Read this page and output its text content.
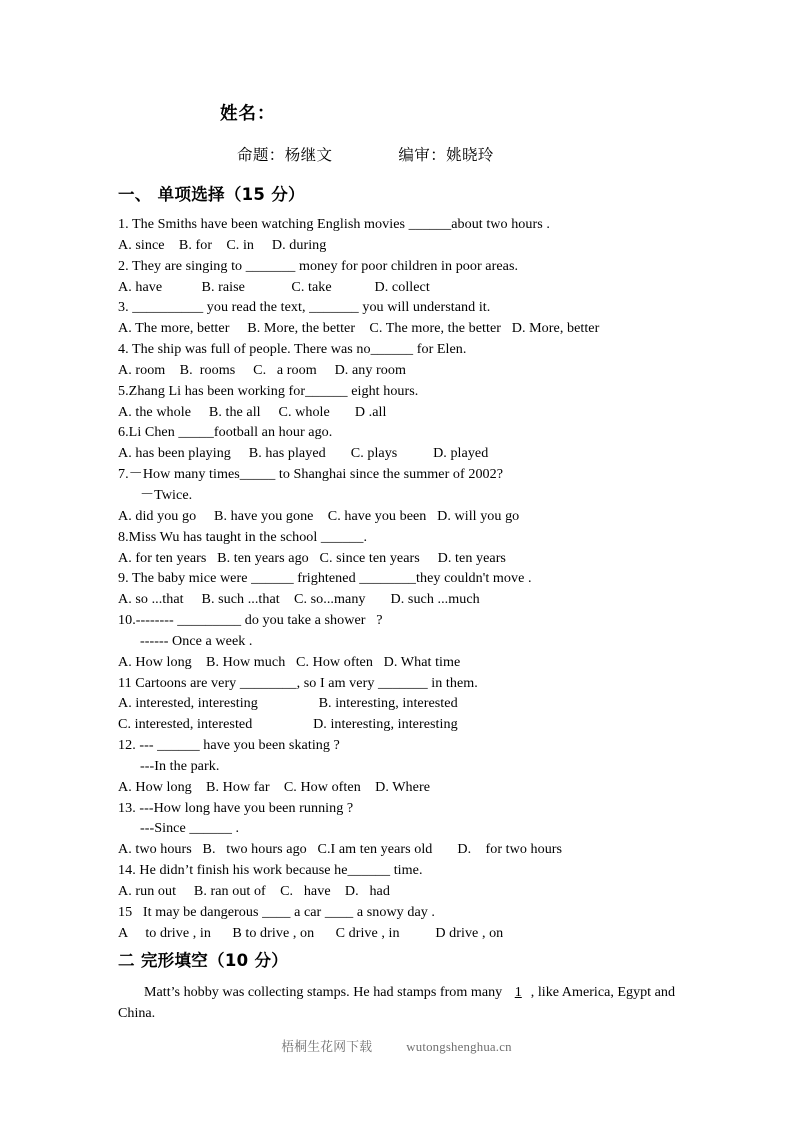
姓名：
命题：杨继文	编审：姚晓玲
一、 单项选择（15 分）
1. The Smiths have been watching English movies ______about two hours .
A. since    B. for    C. in     D. during
2. They are singing to _______ money for poor children in poor areas.
A. have           B. raise             C. take            D. collect
3. __________ you read the text, _______ you will understand it.
A. The more, better     B. More, the better    C. The more, the better   D. More, better
4. The ship was full of people. There was no______ for Elen.
A. room    B.  rooms     C.   a room     D. any room
5.Zhang Li has been working for______ eight hours.
A. the whole     B. the all     C. whole       D .all
6.Li Chen _____football an hour ago.
A. has been playing     B. has played       C. plays          D. played
7.－How many times_____ to Shanghai since the summer of 2002?
－Twice.
A. did you go     B. have you gone    C. have you been   D. will you go
8.Miss Wu has taught in the school ______.
A. for ten years   B. ten years ago   C. since ten years     D. ten years
9. The baby mice were ______ frightened ________they couldn't move .
A. so ...that     B. such ...that    C. so...many       D. such ...much
10.-------- _________ do you take a shower   ?
------ Once a week .
A. How long    B. How much   C. How often   D. What time
11 Cartoons are very ________, so I am very _______ in them.
A. interested, interesting                 B. interesting, interested
C. interested, interested                 D. interesting, interesting
12. --- ______ have you been skating ?
---In the park.
A. How long    B. How far    C. How often    D. Where
13. ---How long have you been running ?
---Since ______ .
A. two hours   B.   two hours ago   C.I am ten years old       D.    for two hours
14. He didn’t finish his work because he______ time.
A. run out     B. ran out of    C.   have    D.   had
15   It may be dangerous ____ a car ____ a snowy day .
A     to drive , in      B to drive , on      C drive , in          D drive , on
二 完形填空（10 分）
Matt’s hobby was collecting stamps. He had stamps from many 1 , like America, Egypt and China.
梧桐生花网下载	wutongshenghua.cn
